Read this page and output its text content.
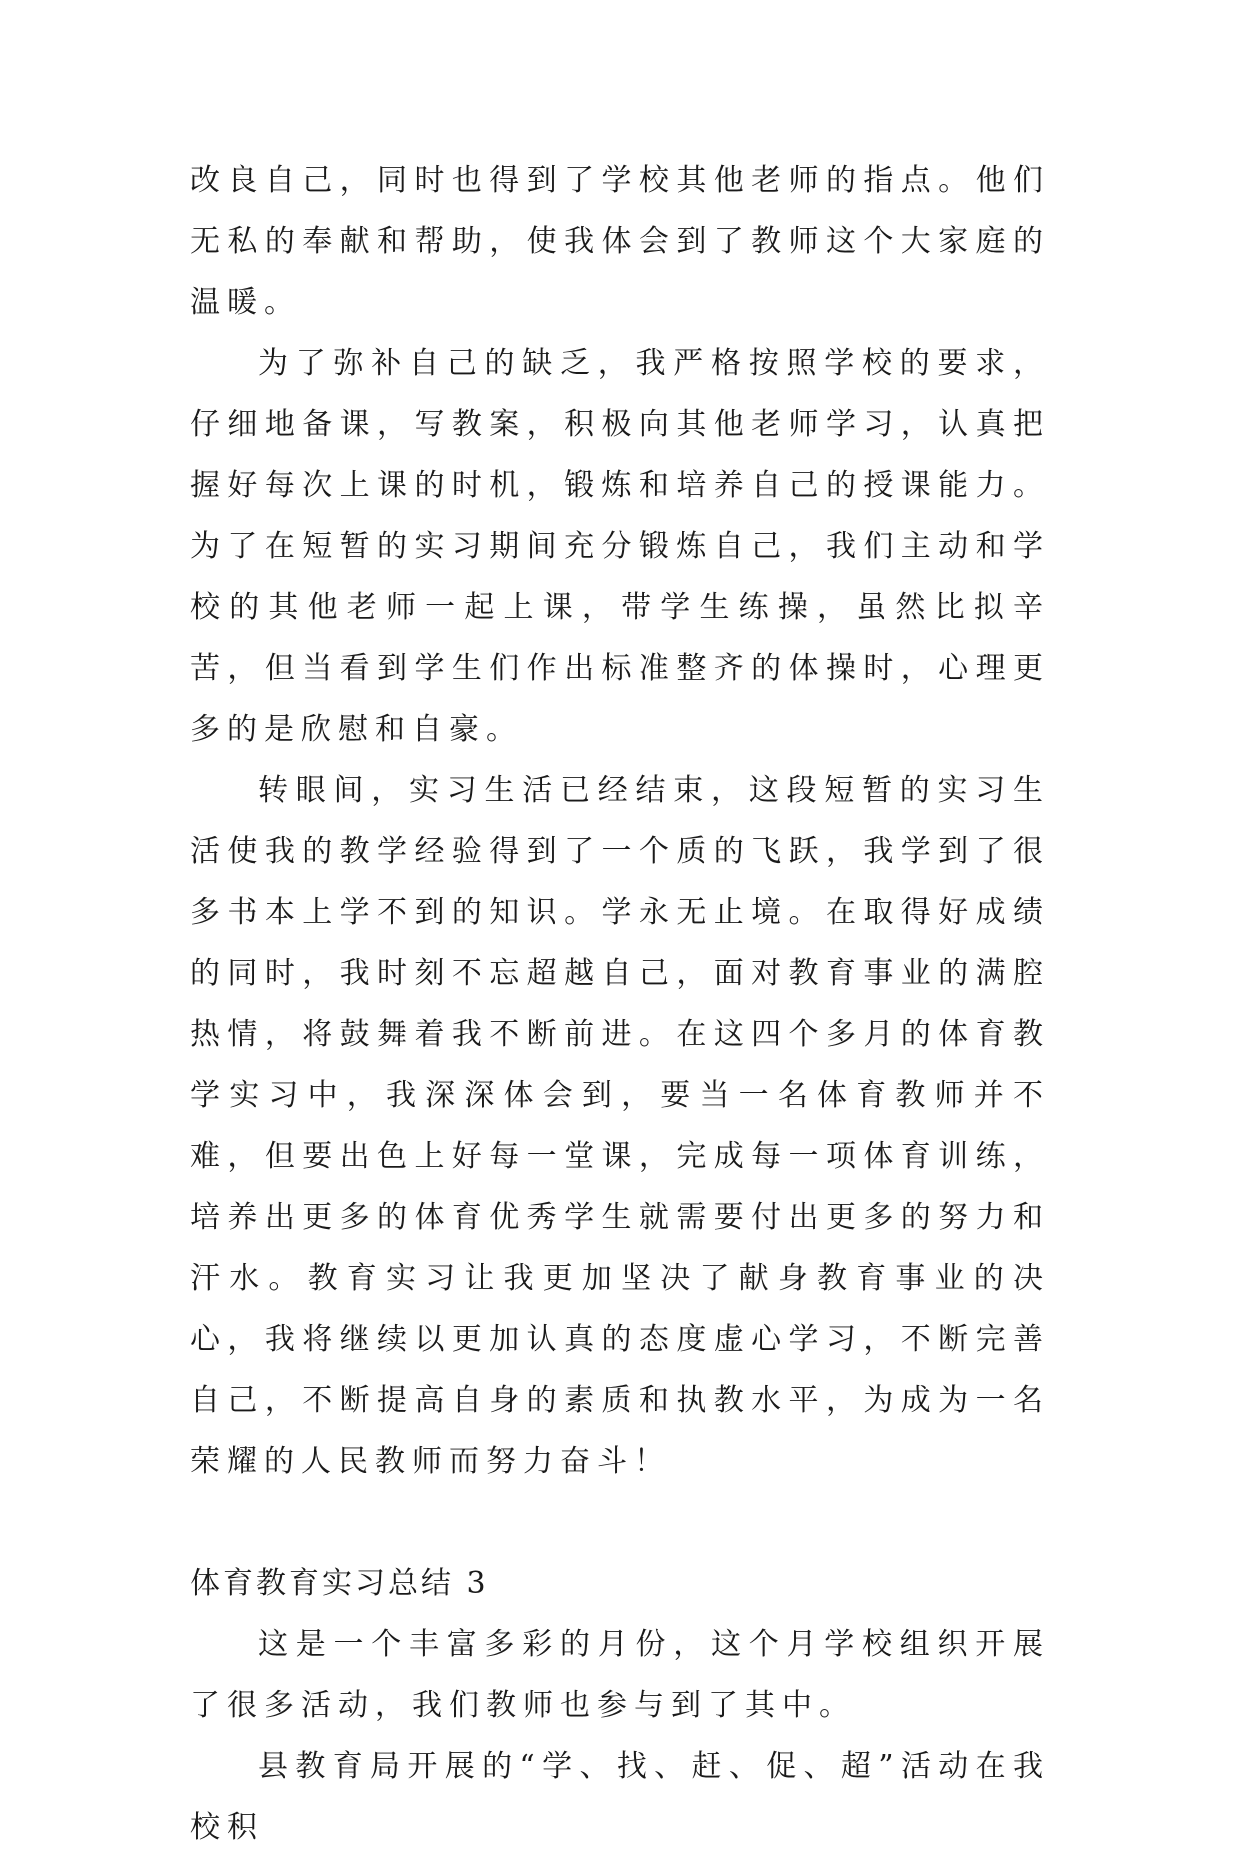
改良自己，同时也得到了学校其他老师的指点。他们无私的奉献和帮助，使我体会到了教师这个大家庭的温暖。

为了弥补自己的缺乏，我严格按照学校的要求，仔细地备课，写教案，积极向其他老师学习，认真把握好每次上课的时机，锻炼和培养自己的授课能力。为了在短暂的实习期间充分锻炼自己，我们主动和学校的其他老师一起上课，带学生练操，虽然比拟辛苦，但当看到学生们作出标准整齐的体操时，心理更多的是欣慰和自豪。

转眼间，实习生活已经结束，这段短暂的实习生活使我的教学经验得到了一个质的飞跃，我学到了很多书本上学不到的知识。学永无止境。在取得好成绩的同时，我时刻不忘超越自己，面对教育事业的满腔热情，将鼓舞着我不断前进。在这四个多月的体育教学实习中，我深深体会到，要当一名体育教师并不难，但要出色上好每一堂课，完成每一项体育训练，培养出更多的体育优秀学生就需要付出更多的努力和汗水。教育实习让我更加坚决了献身教育事业的决心，我将继续以更加认真的态度虚心学习，不断完善自己，不断提高自身的素质和执教水平，为成为一名荣耀的人民教师而努力奋斗！

体育教育实习总结 3

这是一个丰富多彩的月份，这个月学校组织开展了很多活动，我们教师也参与到了其中。

县教育局开展的“学、找、赶、促、超”活动在我校积
